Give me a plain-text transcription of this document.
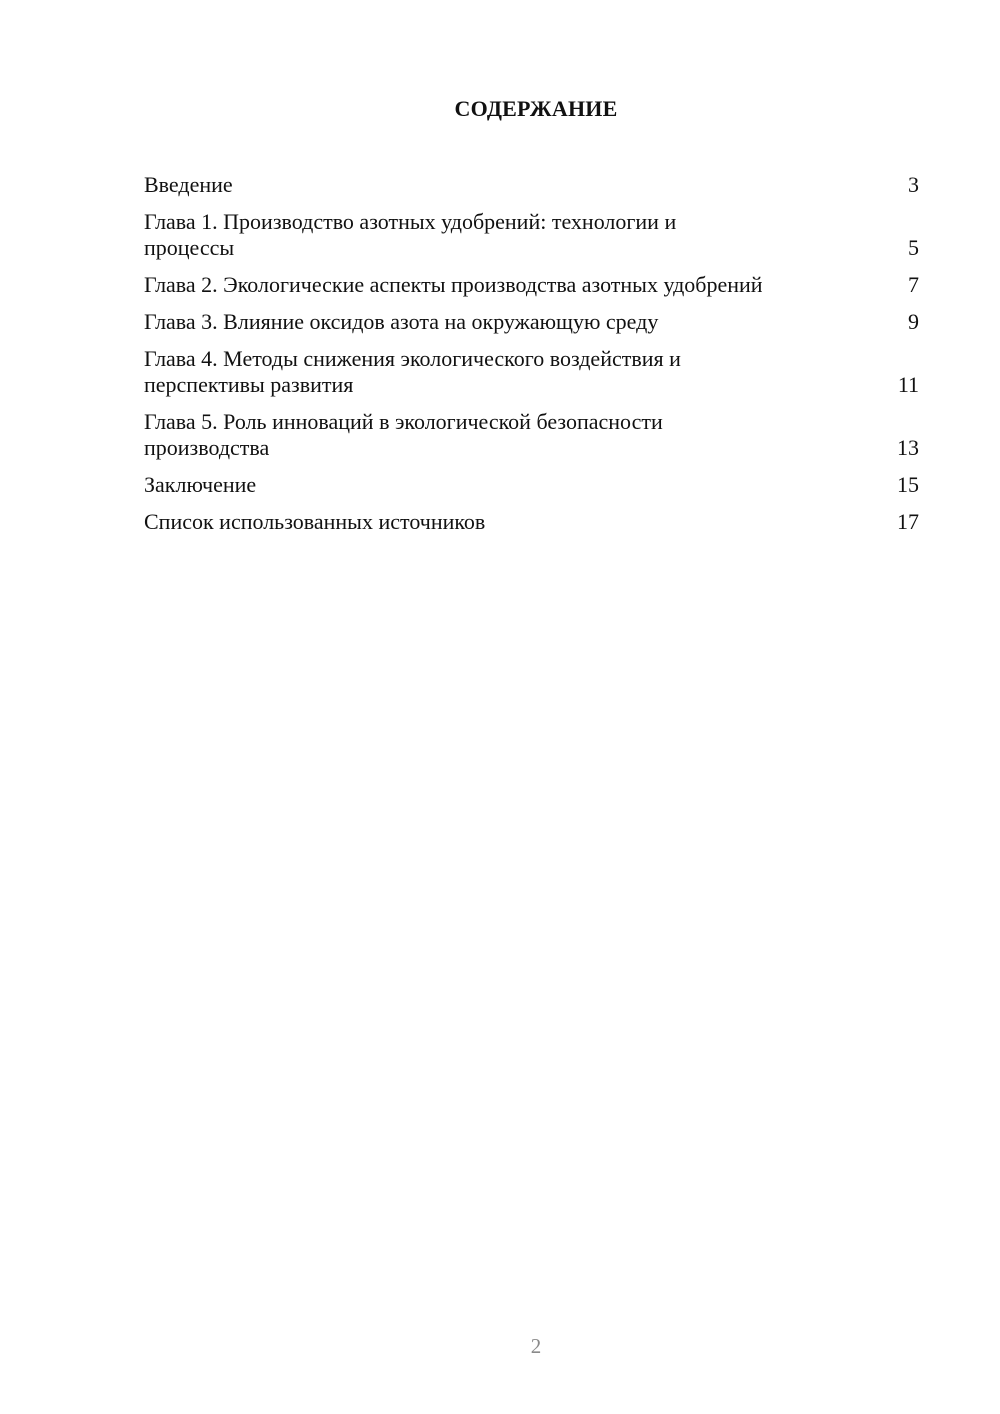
СОДЕРЖАНИЕ
Введение	3
Глава 1. Производство азотных удобрений: технологии и процессы	5
Глава 2. Экологические аспекты производства азотных удобрений	7
Глава 3. Влияние оксидов азота на окружающую среду	9
Глава 4. Методы снижения экологического воздействия и перспективы развития	11
Глава 5. Роль инноваций в экологической безопасности производства	13
Заключение	15
Список использованных источников	17
2
